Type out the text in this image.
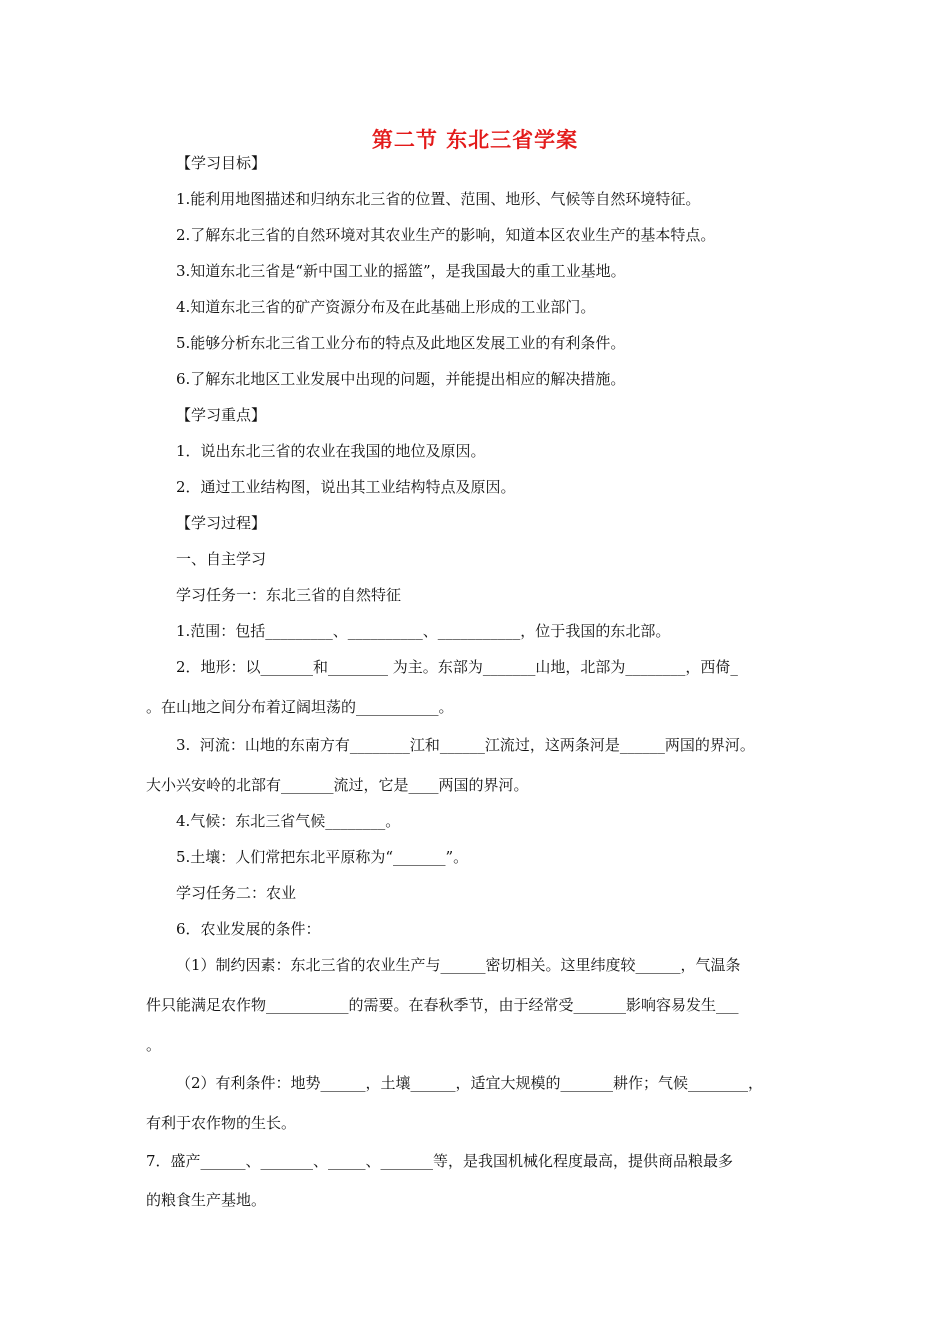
第二节 东北三省学案
【学习目标】
1.能利用地图描述和归纳东北三省的位置、范围、地形、气候等自然环境特征。
2.了解东北三省的自然环境对其农业生产的影响，知道本区农业生产的基本特点。
3.知道东北三省是“新中国工业的摇篮”，是我国最大的重工业基地。
4.知道东北三省的矿产资源分布及在此基础上形成的工业部门。
5.能够分析东北三省工业分布的特点及此地区发展工业的有利条件。
6.了解东北地区工业发展中出现的问题，并能提出相应的解决措施。
【学习重点】
1．说出东北三省的农业在我国的地位及原因。
2．通过工业结构图，说出其工业结构特点及原因。
【学习过程】
一、自主学习
学习任务一：东北三省的自然特征
1.范围：包括_________、__________、___________，位于我国的东北部。
2．地形：以_______和________ 为主。东部为_______山地，北部为________，西倚_
。在山地之间分布着辽阔坦荡的___________。
3.  河流：山地的东南方有________江和______江流过，这两条河是______两国的界河。
大小兴安岭的北部有_______流过，它是____两国的界河。
4.气候：东北三省气候________。
5.土壤：人们常把东北平原称为“_______”。
学习任务二：农业
6．农业发展的条件：
（1）制约因素：东北三省的农业生产与______密切相关。这里纬度较______，气温条
件只能满足农作物___________的需要。在春秋季节，由于经常受_______影响容易发生___
。
（2）有利条件：地势______，土壤______，适宜大规模的_______耕作；气候________，
有利于农作物的生长。
7．盛产______、_______、_____、_______等，是我国机械化程度最高，提供商品粮最多
的粮食生产基地。
